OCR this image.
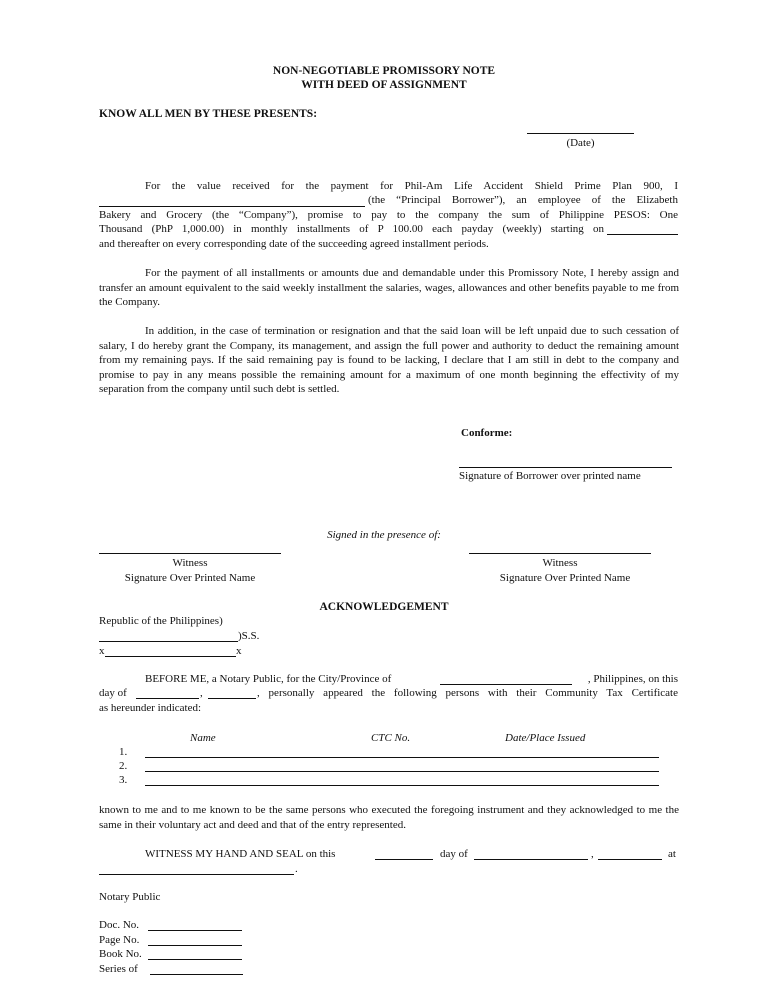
NON-NEGOTIABLE PROMISSORY NOTE
WITH DEED OF ASSIGNMENT
KNOW ALL MEN BY THESE PRESENTS:
(Date)
For the value received for the payment for Phil-Am Life Accident Shield Prime Plan 900, I
(the “Principal Borrower”), an employee of the Elizabeth
Bakery and Grocery (the “Company”), promise to pay to the company the sum of Philippine PESOS: One
Thousand (PhP 1,000.00) in monthly installments of P 100.00 each payday (weekly) starting on
and thereafter on every corresponding date of the succeeding agreed installment periods.
For the payment of all installments or amounts due and demandable under this Promissory Note, I hereby assign and transfer an amount equivalent to the said weekly installment the salaries, wages, allowances and other benefits payable to me from the Company.
In addition, in the case of termination or resignation and that the said loan will be left unpaid due to such cessation of salary, I do hereby grant the Company, its management, and assign the full power and authority to deduct the remaining amount from my remaining pays. If the said remaining pay is found to be lacking, I declare that I am still in debt to the company and promise to pay in any means possible the remaining amount for a maximum of one month beginning the effectivity of my separation from the company until such debt is settled.
Conforme:
Signature of Borrower over printed name
Signed in the presence of:
Witness
Signature Over Printed Name
Witness
Signature Over Printed Name
ACKNOWLEDGEMENT
Republic of the Philippines)
)S.S.
x	x
BEFORE ME, a Notary Public, for the City/Province of	, Philippines, on this
day of	,	, personally appeared the following persons with their Community Tax Certificate
as hereunder indicated:
Name	CTC No.	Date/Place Issued
1.
2.
3.
known to me and to me known to be the same persons who executed the foregoing instrument and they acknowledged to me the same in their voluntary act and deed and that of the entry represented.
WITNESS MY HAND AND SEAL on this	day of	,	at
.
Notary Public
Doc. No.
Page No.
Book No.
Series of
